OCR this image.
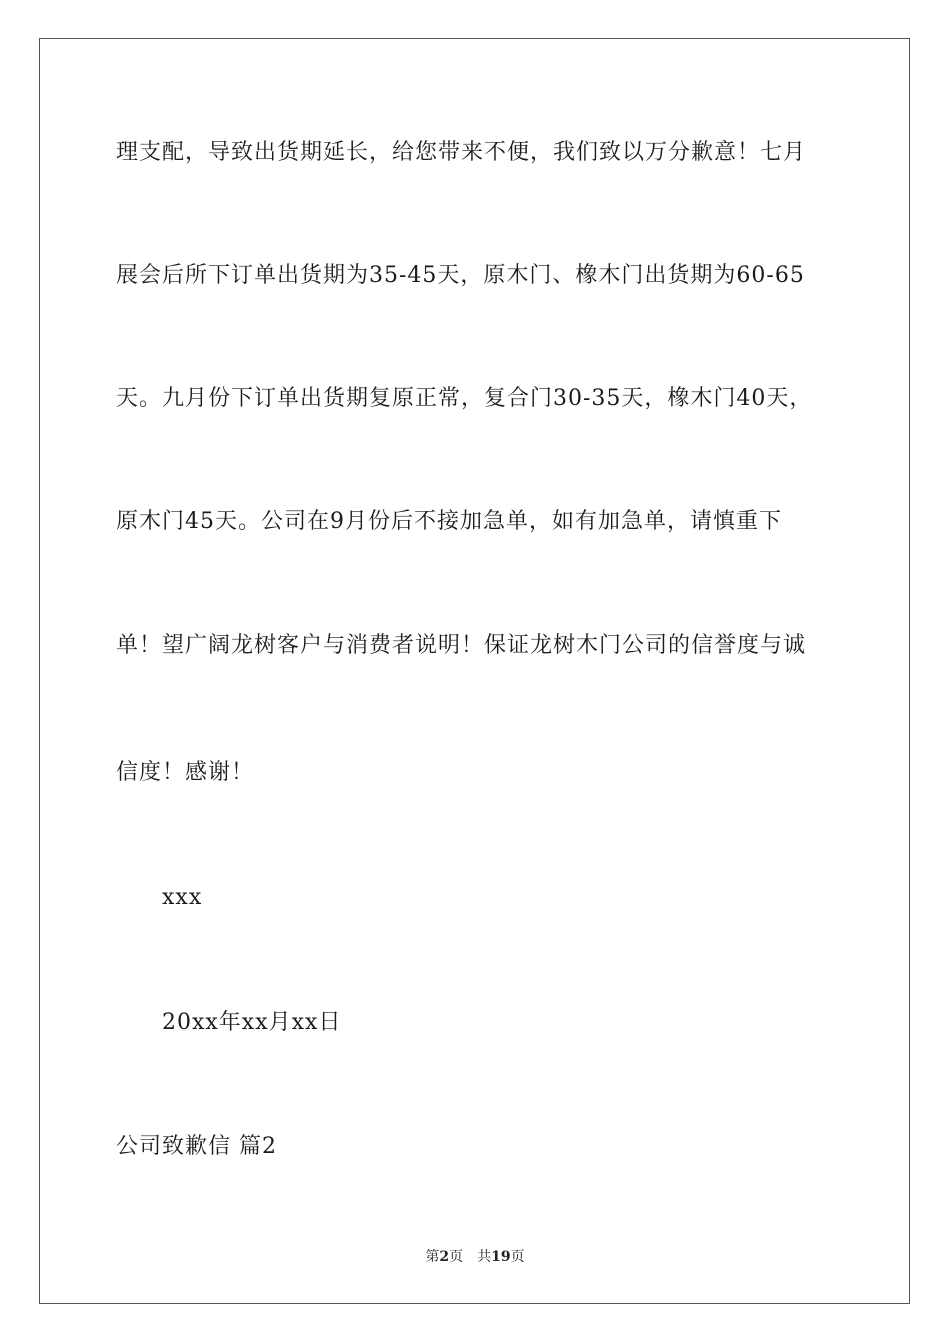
理支配，导致出货期延长，给您带来不便，我们致以万分歉意！七月
展会后所下订单出货期为35-45天，原木门、橡木门出货期为60-65
天。九月份下订单出货期复原正常，复合门30-35天，橡木门40天，
原木门45天。公司在9月份后不接加急单，如有加急单，请慎重下
单！望广阔龙树客户与消费者说明！保证龙树木门公司的信誉度与诚
信度！感谢！
xxx
20xx年xx月xx日
公司致歉信 篇2
第2页 共19页
